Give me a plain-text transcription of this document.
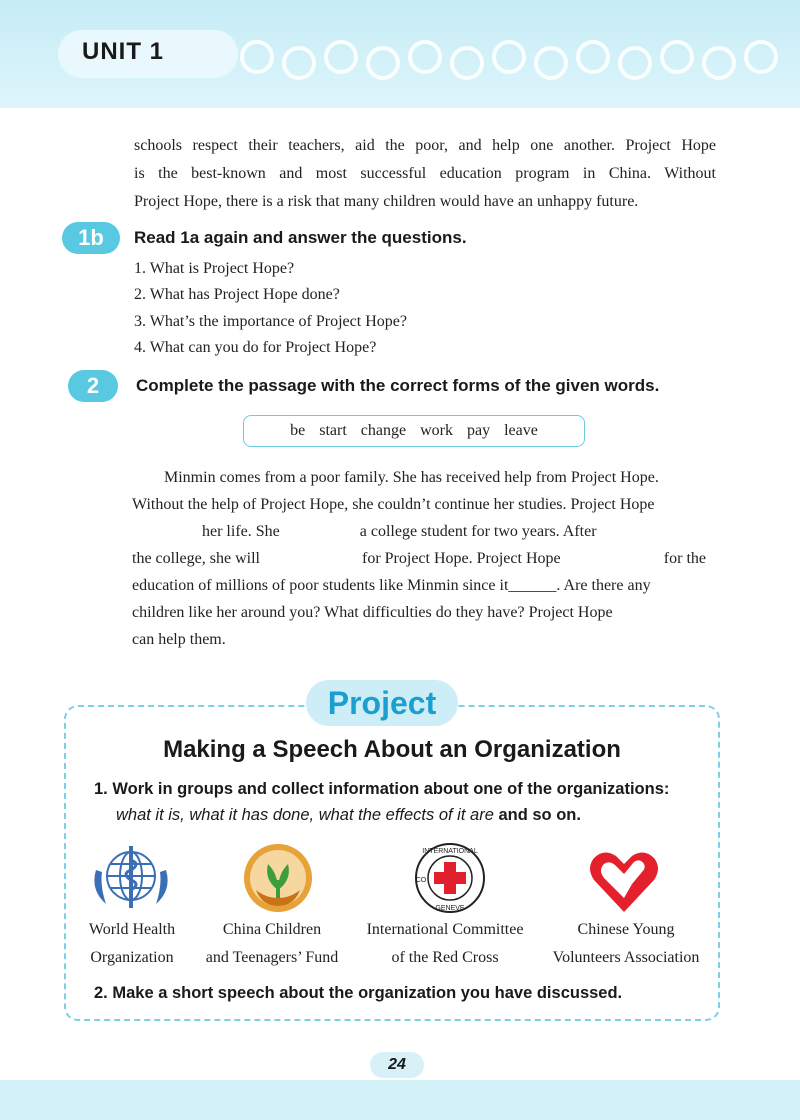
UNIT 1
schools respect their teachers, aid the poor, and help one another. Project Hope
is the best-known and most successful education program in China. Without
Project Hope, there is a risk that many children would have an unhappy future.
1b	Read 1a again and answer the questions.
1. What is Project Hope?
2. What has Project Hope done?
3. What’s the importance of Project Hope?
4. What can you do for Project Hope?
2	Complete the passage with the correct forms of the given words.
be start change work pay leave
Minmin comes from a poor family. She has received help from Project Hope.
Without the help of Project Hope, she couldn’t continue her studies. Project Hope
her life. She	a college student for two years. After
the college, she will	for Project Hope. Project Hope	for the
education of millions of poor students like Minmin since it______. Are there any
children like her around you? What difficulties do they have? Project Hope
can help them.
Project
Making a Speech About an Organization
1. Work in groups and collect information about one of the organizations:
what it is, what it has done, what the effects of it are and so on.
INTERNATIONAL
GENEVE
CO
World Health
Organization
China Children
and Teenagers’ Fund
International Committee
of the Red Cross
Chinese Young
Volunteers Association
2. Make a short speech about the organization you have discussed.
24
